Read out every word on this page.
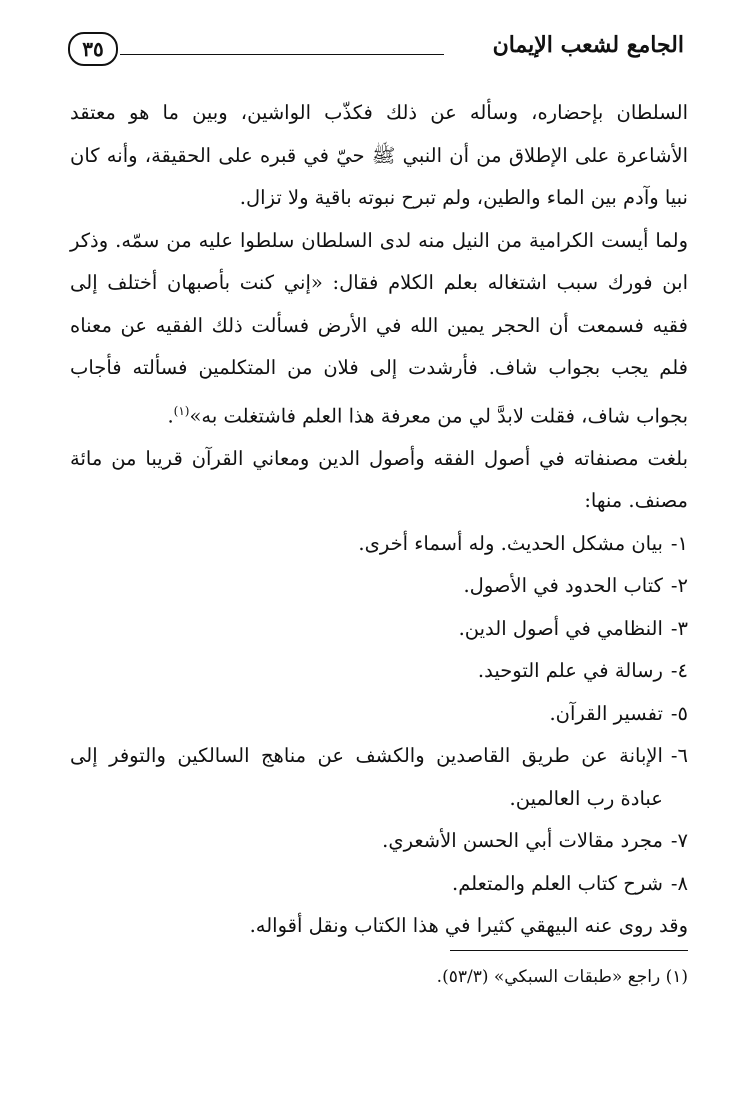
الجامع لشعب الإيمان
٣٥

السلطان بإحضاره، وسأله عن ذلك فكذّب الواشين، وبين ما هو معتقد الأشاعرة على الإطلاق من أن النبي ﷺ حيّ في قبره على الحقيقة، وأنه كان نبيا وآدم بين الماء والطين، ولم تبرح نبوته باقية ولا تزال.

ولما أيست الكرامية من النيل منه لدى السلطان سلطوا عليه من سمّه. وذكر ابن فورك سبب اشتغاله بعلم الكلام فقال: «إني كنت بأصبهان أختلف إلى فقيه فسمعت أن الحجر يمين الله في الأرض فسألت ذلك الفقيه عن معناه فلم يجب بجواب شاف. فأرشدت إلى فلان من المتكلمين فسألته فأجاب بجواب شاف، فقلت لابدَّ لي من معرفة هذا العلم فاشتغلت به»$^{(١)}$.

بلغت مصنفاته في أصول الفقه وأصول الدين ومعاني القرآن قريبا من مائة مصنف. منها:

١-
بيان مشكل الحديث. وله أسماء أخرى.
٢-
كتاب الحدود في الأصول.
٣-
النظامي في أصول الدين.
٤-
رسالة في علم التوحيد.
٥-
تفسير القرآن.
٦-
الإبانة عن طريق القاصدين والكشف عن مناهج السالكين والتوفر إلى عبادة رب العالمين.
٧-
مجرد مقالات أبي الحسن الأشعري.
٨-
شرح كتاب العلم والمتعلم.

وقد روى عنه البيهقي كثيرا في هذا الكتاب ونقل أقواله.

(١) راجع «طبقات السبكي» (٥٣/٣).
